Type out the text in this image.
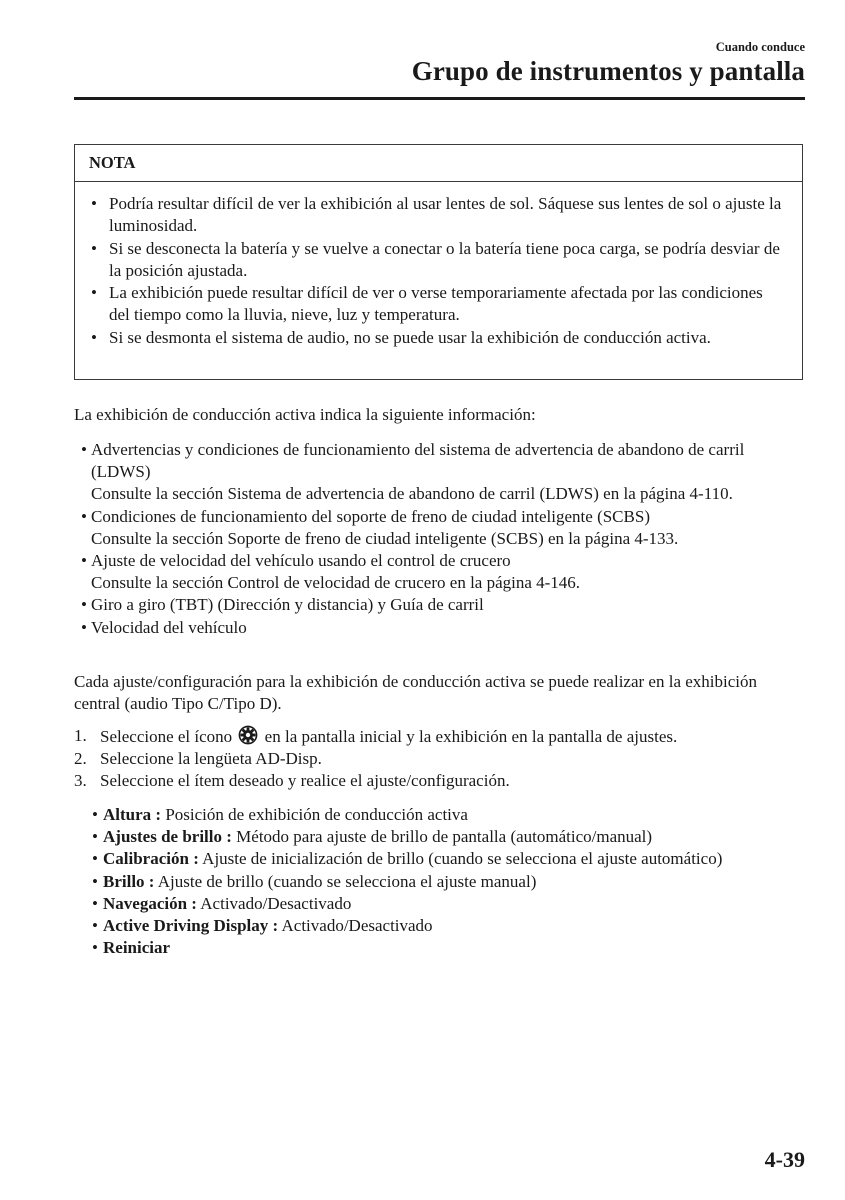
Cuando conduce
Grupo de instrumentos y pantalla
NOTA
• Podría resultar difícil de ver la exhibición al usar lentes de sol. Sáquese sus lentes de sol o ajuste la luminosidad.
• Si se desconecta la batería y se vuelve a conectar o la batería tiene poca carga, se podría desviar de la posición ajustada.
• La exhibición puede resultar difícil de ver o verse temporariamente afectada por las condiciones del tiempo como la lluvia, nieve, luz y temperatura.
• Si se desmonta el sistema de audio, no se puede usar la exhibición de conducción activa.
La exhibición de conducción activa indica la siguiente información:
• Advertencias y condiciones de funcionamiento del sistema de advertencia de abandono de carril (LDWS)
Consulte la sección Sistema de advertencia de abandono de carril (LDWS) en la página 4-110.
• Condiciones de funcionamiento del soporte de freno de ciudad inteligente (SCBS)
Consulte la sección Soporte de freno de ciudad inteligente (SCBS) en la página 4-133.
• Ajuste de velocidad del vehículo usando el control de crucero
Consulte la sección Control de velocidad de crucero en la página 4-146.
• Giro a giro (TBT) (Dirección y distancia) y Guía de carril
• Velocidad del vehículo
Cada ajuste/configuración para la exhibición de conducción activa se puede realizar en la exhibición central (audio Tipo C/Tipo D).
1. Seleccione el ícono en la pantalla inicial y la exhibición en la pantalla de ajustes.
2. Seleccione la lengüeta AD-Disp.
3. Seleccione el ítem deseado y realice el ajuste/configuración.
• Altura : Posición de exhibición de conducción activa
• Ajustes de brillo : Método para ajuste de brillo de pantalla (automático/manual)
• Calibración : Ajuste de inicialización de brillo (cuando se selecciona el ajuste automático)
• Brillo : Ajuste de brillo (cuando se selecciona el ajuste manual)
• Navegación : Activado/Desactivado
• Active Driving Display : Activado/Desactivado
• Reiniciar
4-39
